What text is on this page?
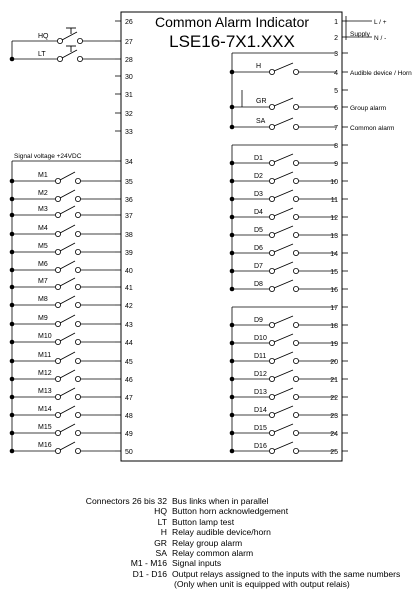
Common Alarm Indicator
LSE16-7X1.XXX
26
27
28
30
31
32
33
34
35
36
37
38
39
40
41
42
43
44
45
46
47
48
49
50
1
2
3
4
5
6
7
8
9
10
11
12
13
14
15
16
17
18
19
20
21
22
23
24
25
HQ
LT
Signal voltage +24VDC
M1
M2
M3
M4
M5
M6
M7
M8
M9
M10
M11
M12
M13
M14
M15
M16
L / +
N / -
Supply
H
GR
SA
Audible device / Horn
Group alarm
Common alarm
D1
D2
D3
D4
D5
D6
D7
D8
D9
D10
D11
D12
D13
D14
D15
D16
Connectors 26 bis 32 Bus links when in parallel
HQ Button horn acknowledgement
LT Button lamp test
H Relay audible device/horn
GR Relay group alarm
SA Relay common alarm
M1 - M16 Signal inputs
D1 - D16 Output relays assigned to the inputs with the same numbers
(Only when unit is equipped with output relais)
